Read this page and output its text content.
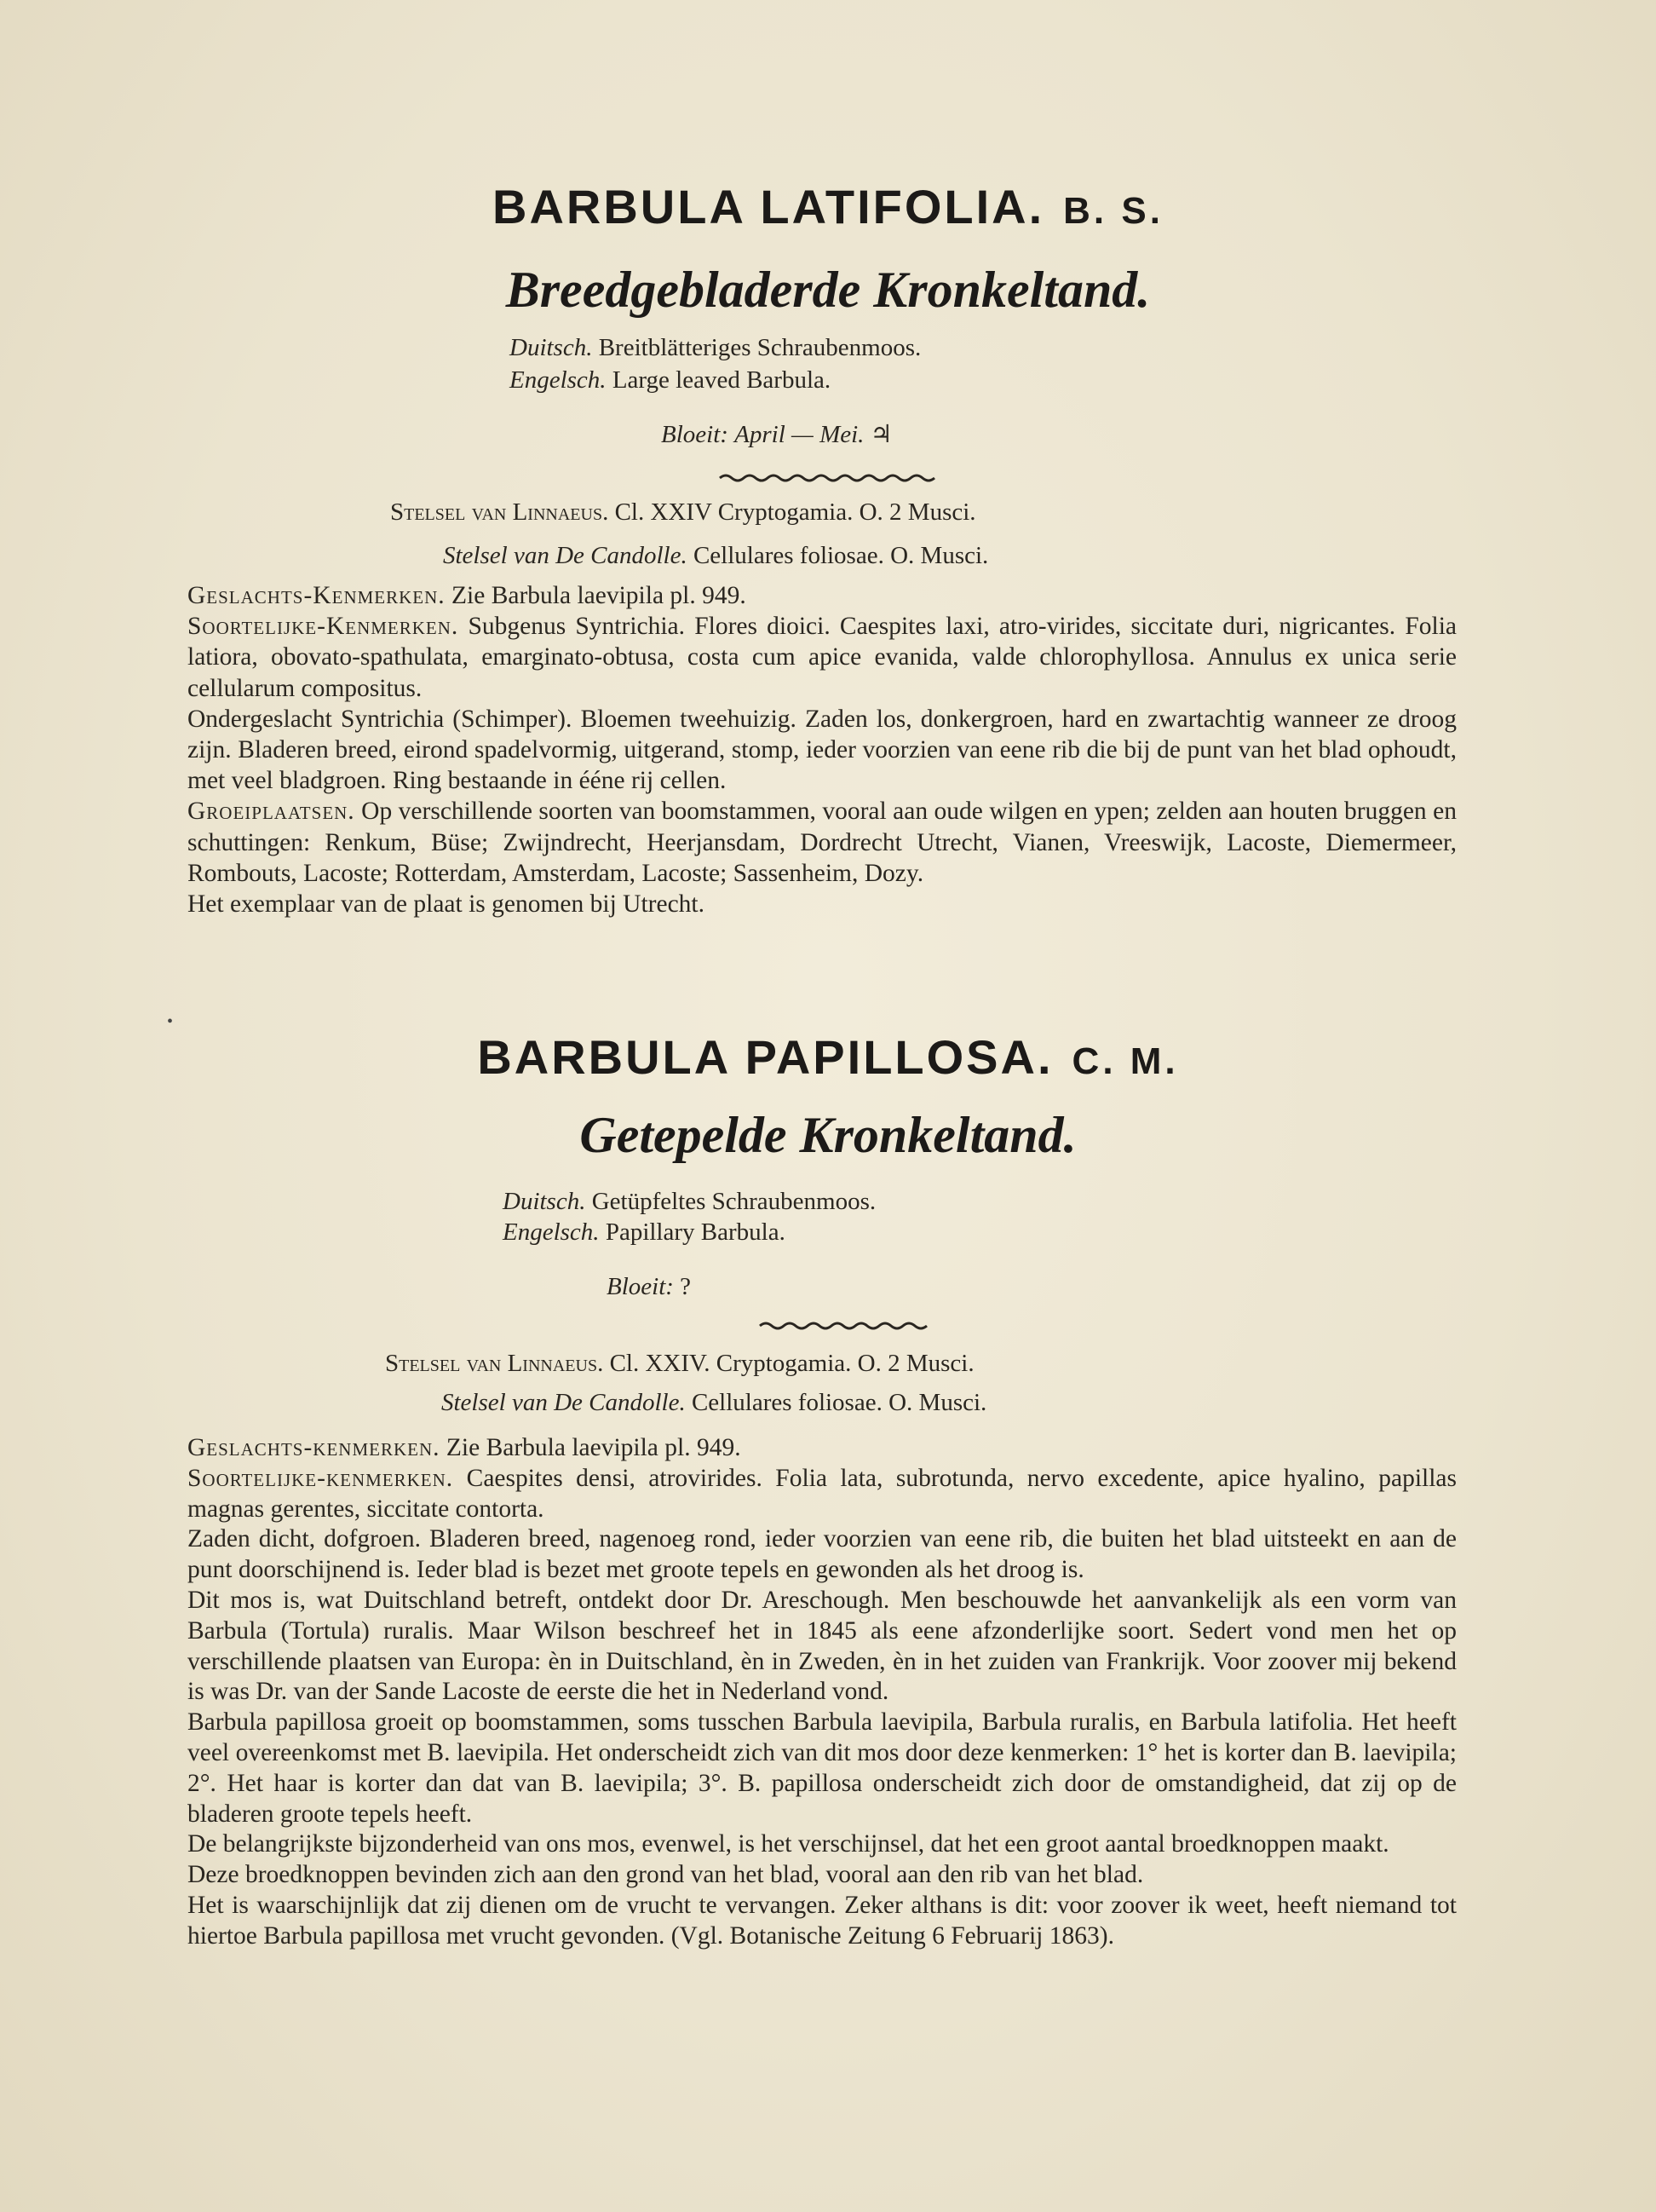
BARBULA LATIFOLIA. B. S.
Breedgebladerde Kronkeltand.
Duitsch. Breitblätteriges Schraubenmoos.
Engelsch. Large leaved Barbula.
Bloeit: April — Mei. ♃
Stelsel van Linnaeus. Cl. XXIV Cryptogamia. O. 2 Musci.
Stelsel van De Candolle. Cellulares foliosae. O. Musci.

Geslachts-Kenmerken. Zie Barbula laevipila pl. 949.

Soortelijke-Kenmerken. Subgenus Syntrichia. Flores dioici. Caespites laxi, atro-virides, siccitate duri, nigricantes. Folia latiora, obovato-spathulata, emarginato-obtusa, costa cum apice evanida, valde chlorophyllosa. Annulus ex unica serie cellularum compositus.

Ondergeslacht Syntrichia (Schimper). Bloemen tweehuizig. Zaden los, donkergroen, hard en zwartachtig wanneer ze droog zijn. Bladeren breed, eirond spadelvormig, uitgerand, stomp, ieder voorzien van eene rib die bij de punt van het blad ophoudt, met veel bladgroen. Ring bestaande in ééne rij cellen.

Groeiplaatsen. Op verschillende soorten van boomstammen, vooral aan oude wilgen en ypen; zelden aan houten bruggen en schuttingen: Renkum, Büse; Zwijndrecht, Heerjansdam, Dordrecht Utrecht, Vianen, Vreeswijk, Lacoste, Diemermeer, Rombouts, Lacoste; Rotterdam, Amsterdam, Lacoste; Sassenheim, Dozy.

Het exemplaar van de plaat is genomen bij Utrecht.

•
BARBULA PAPILLOSA. C. M.
Getepelde Kronkeltand.
Duitsch. Getüpfeltes Schraubenmoos.
Engelsch. Papillary Barbula.
Bloeit: ?
Stelsel van Linnaeus. Cl. XXIV. Cryptogamia. O. 2 Musci.
Stelsel van De Candolle. Cellulares foliosae. O. Musci.

Geslachts-kenmerken. Zie Barbula laevipila pl. 949.

Soortelijke-kenmerken. Caespites densi, atrovirides. Folia lata, subrotunda, nervo excedente, apice hyalino, papillas magnas gerentes, siccitate contorta.

Zaden dicht, dofgroen. Bladeren breed, nagenoeg rond, ieder voorzien van eene rib, die buiten het blad uitsteekt en aan de punt doorschijnend is. Ieder blad is bezet met groote tepels en gewonden als het droog is.

Dit mos is, wat Duitschland betreft, ontdekt door Dr. Areschough. Men beschouwde het aanvankelijk als een vorm van Barbula (Tortula) ruralis. Maar Wilson beschreef het in 1845 als eene afzonderlijke soort. Sedert vond men het op verschillende plaatsen van Europa: èn in Duitschland, èn in Zweden, èn in het zuiden van Frankrijk. Voor zoover mij bekend is was Dr. van der Sande Lacoste de eerste die het in Nederland vond.

Barbula papillosa groeit op boomstammen, soms tusschen Barbula laevipila, Barbula ruralis, en Barbula latifolia. Het heeft veel overeenkomst met B. laevipila. Het onderscheidt zich van dit mos door deze kenmerken: 1° het is korter dan B. laevipila; 2°. Het haar is korter dan dat van B. laevipila; 3°. B. papillosa onderscheidt zich door de omstandigheid, dat zij op de bladeren groote tepels heeft.

De belangrijkste bijzonderheid van ons mos, evenwel, is het verschijnsel, dat het een groot aantal broedknoppen maakt.

Deze broedknoppen bevinden zich aan den grond van het blad, vooral aan den rib van het blad.

Het is waarschijnlijk dat zij dienen om de vrucht te vervangen. Zeker althans is dit: voor zoover ik weet, heeft niemand tot hiertoe Barbula papillosa met vrucht gevonden. (Vgl. Botanische Zeitung 6 Februarij 1863).
